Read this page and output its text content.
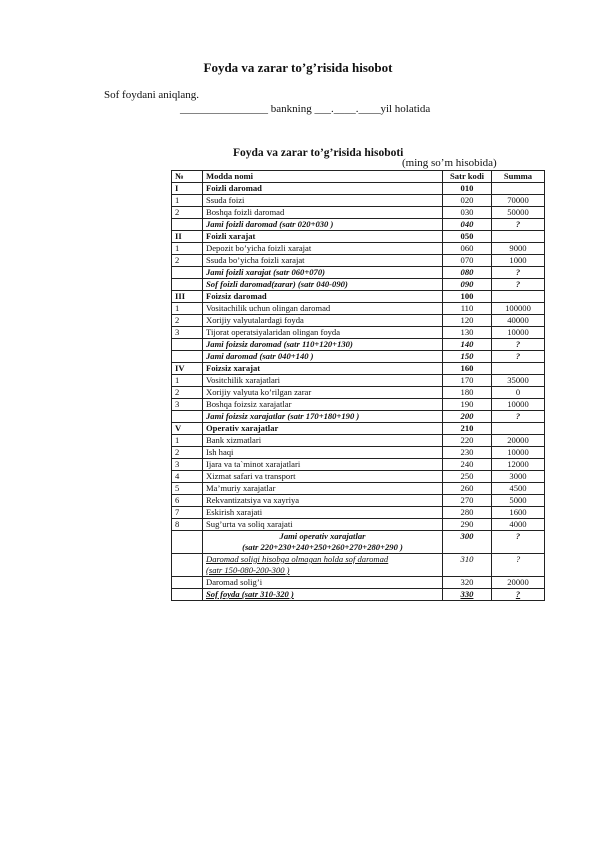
Foyda va zarar to’g’risida hisobot
Sof foydani aniqlang.
________________ bankning ___.____.____yil holatida
Foyda va zarar to’g’risida hisoboti
(ming so’m hisobida)
№	Modda nomi	Satr kodi	Summa
I	Foizli daromad	010	
1	Ssuda foizi	020	70000
2	Boshqa foizli daromad	030	50000
	Jami foizli daromad (satr 020+030 )	040	?
II	Foizli xarajat	050	
1	Depozit bo’yicha foizli xarajat	060	9000
2	Ssuda bo’yicha foizli xarajat	070	1000
	Jami foizli xarajat (satr 060+070)	080	?
	Sof foizli daromad(zarar) (satr 040-090)	090	?
III	Foizsiz daromad	100	
1	Vositachilik uchun olingan daromad	110	100000
2	Xorijiy valyutalardagi foyda	120	40000
3	Tijorat operatsiyalaridan olingan foyda	130	10000
	Jami foizsiz daromad (satr 110+120+130)	140	?
	Jami daromad (satr 040+140 )	150	?
IV	Foizsiz xarajat	160	
1	Vositchilik xarajatlari	170	35000
2	Xorijiy valyuta ko’rilgan zarar	180	0
3	Boshqa foizsiz xarajatlar	190	10000
	Jami foizsiz xarajatlar (satr 170+180+190 )	200	?
V	Operativ xarajatlar	210	
1	Bank xizmatlari	220	20000
2	Ish haqi	230	10000
3	Ijara va ta`minot xarajatlari	240	12000
4	Xizmat safari va transport	250	3000
5	Ma’muriy xarajatlar	260	4500
6	Rekvantizatsiya va xayriya	270	5000
7	Eskirish xarajati	280	1600
8	Sug’urta va soliq xarajati	290	4000

	Jami operativ xarajatlar
(satr 220+230+240+250+260+270+280+290 )	300	?

	Daromad soligi hisobga olmagan holda sof daromad
(satr 150-080-200-300 )	310	?
	Daromad solig’i	320	20000
	Sof foyda (satr 310-320 )	330	?
